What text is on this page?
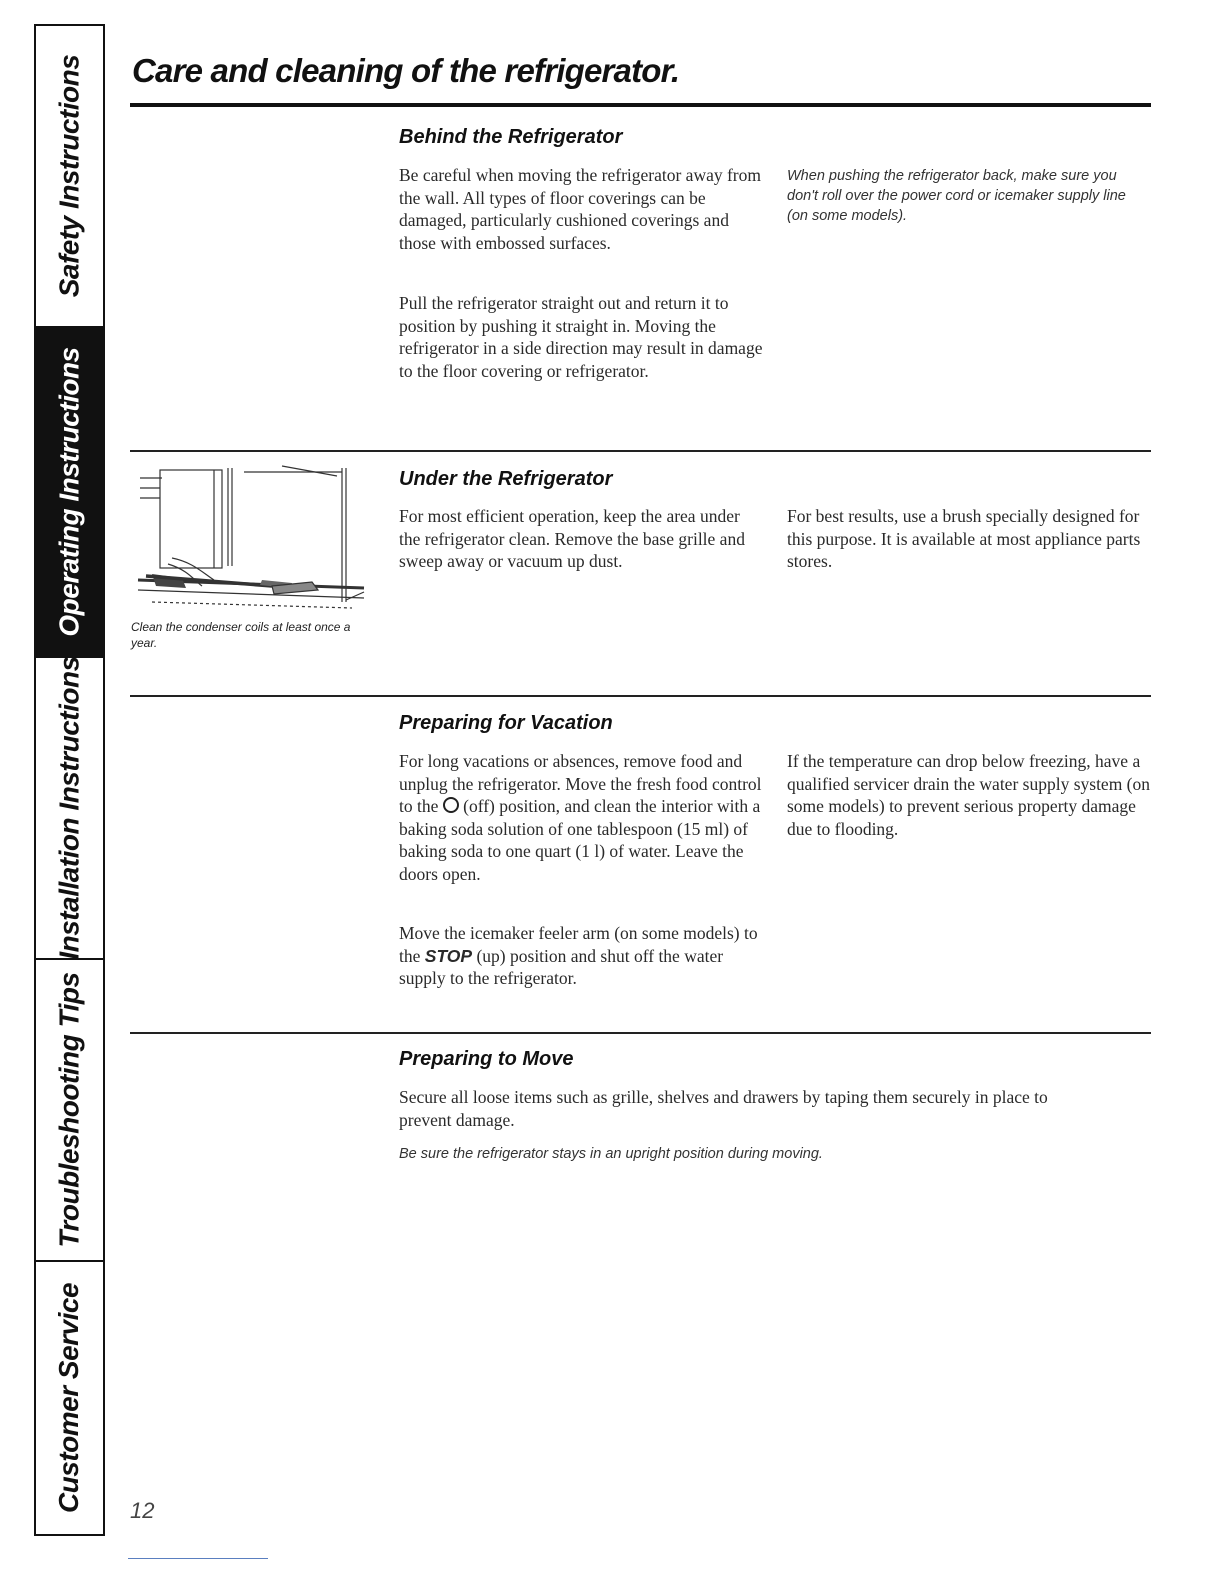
Safety Instructions
Operating Instructions
Installation Instructions
Troubleshooting Tips
Customer Service
Care and cleaning of the refrigerator.
Behind the Refrigerator

Be careful when moving the refrigerator away from the wall. All types of floor coverings can be damaged, particularly cushioned coverings and those with embossed surfaces.

Pull the refrigerator straight out and return it to position by pushing it straight in. Moving the refrigerator in a side direction may result in damage to the floor covering or refrigerator.

When pushing the refrigerator back, make sure you don't roll over the power cord or icemaker supply line (on some models).

Clean the condenser coils at least once a year.

Under the Refrigerator

For most efficient operation, keep the area under the refrigerator clean. Remove the base grille and sweep away or vacuum up dust.

For best results, use a brush specially designed for this purpose. It is available at most appliance parts stores.

Preparing for Vacation

For long vacations or absences, remove food and unplug the refrigerator. Move the fresh food control to the (off) position, and clean the interior with a baking soda solution of one tablespoon (15 ml) of baking soda to one quart (1 l) of water. Leave the doors open.

Move the icemaker feeler arm (on some models) to the STOP (up) position and shut off the water supply to the refrigerator.

If the temperature can drop below freezing, have a qualified servicer drain the water supply system (on some models) to prevent serious property damage due to flooding.

Preparing to Move

Secure all loose items such as grille, shelves and drawers by taping them securely in place to prevent damage.

Be sure the refrigerator stays in an upright position during moving.

12
